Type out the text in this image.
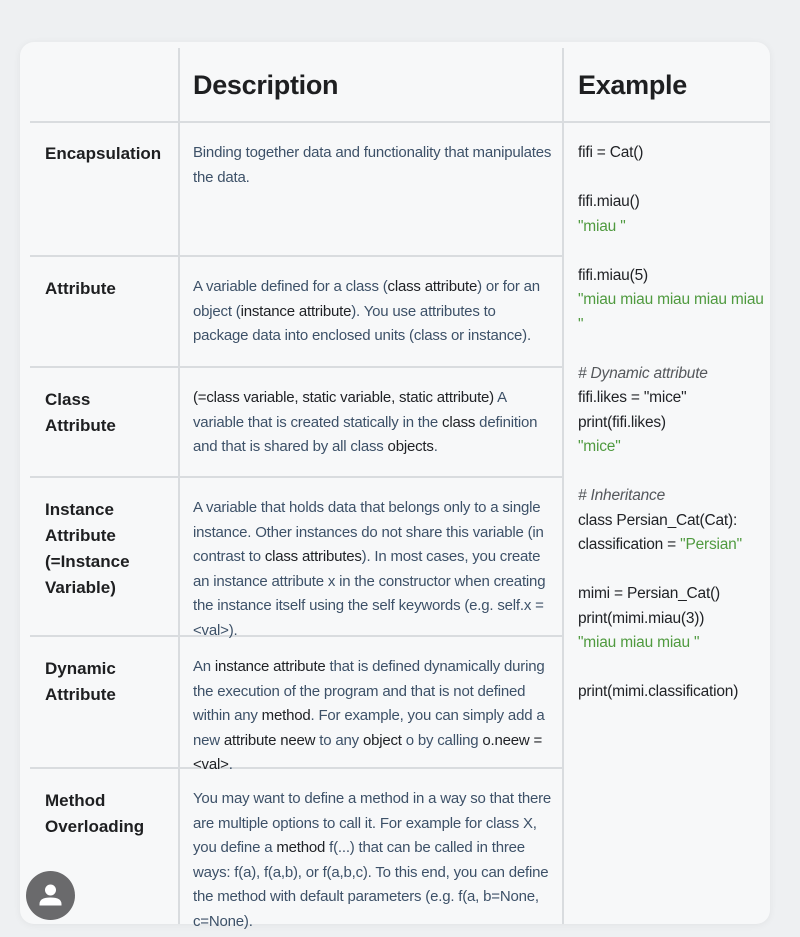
Description	Example
Encapsulation
Attribute
Class Attribute
Instance Attribute (=Instance Variable)
Dynamic Attribute
Method Overloading
Binding together data and functionality that manipulates the data.
A variable defined for a class (class attribute) or for an object (instance attribute). You use attributes to package data into enclosed units (class or instance).
(=class variable, static variable, static attribute) A variable that is created statically in the class definition and that is shared by all class objects.
A variable that holds data that belongs only to a single instance. Other instances do not share this variable (in contrast to class attributes). In most cases, you create an instance attribute x in the constructor when creating the instance itself using the self keywords (e.g. self.x = <val>).
An instance attribute that is defined dynamically during the execution of the program and that is not defined within any method. For example, you can simply add a new attribute neew to any object o by calling o.neew = <val>.
You may want to define a method in a way so that there are multiple options to call it. For example for class X, you define a method f(...) that can be called in three ways: f(a), f(a,b), or f(a,b,c). To this end, you can define the method with default parameters (e.g. f(a, b=None, c=None).
fifi = Cat()
fifi.miau()
"miau "
fifi.miau(5)
"miau miau miau miau miau "
# Dynamic attribute
fifi.likes = "mice"
print(fifi.likes)
"mice"
# Inheritance
class Persian_Cat(Cat):
classification = "Persian"
mimi = Persian_Cat()
print(mimi.miau(3))
"miau miau miau "
print(mimi.classification)
